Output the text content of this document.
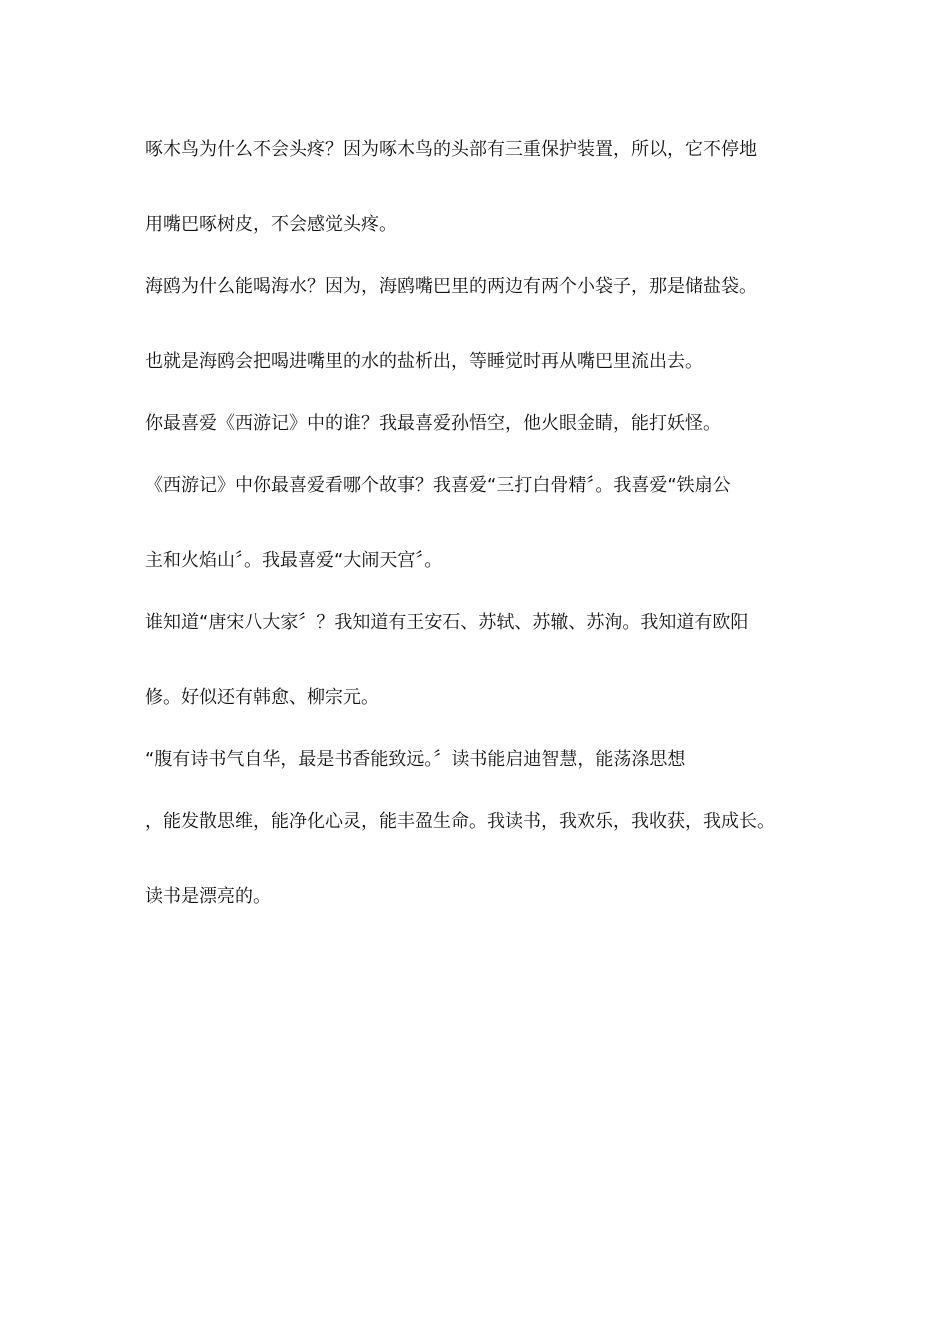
啄木鸟为什么不会头疼？因为啄木鸟的头部有三重保护装置，所以，它不停地
用嘴巴啄树皮，不会感觉头疼。
海鸥为什么能喝海水？因为，海鸥嘴巴里的两边有两个小袋子，那是储盐袋。
也就是海鸥会把喝进嘴里的水的盐析出，等睡觉时再从嘴巴里流出去。
你最喜爱《西游记》中的谁？我最喜爱孙悟空，他火眼金睛，能打妖怪。
《西游记》中你最喜爱看哪个故事？我喜爱“三打白骨精〞。我喜爱“铁扇公
主和火焰山〞。我最喜爱“大闹天宫〞。
谁知道“唐宋八大家〞？我知道有王安石、苏轼、苏辙、苏洵。我知道有欧阳
修。好似还有韩愈、柳宗元。
“腹有诗书气自华，最是书香能致远。〞读书能启迪智慧，能荡涤思想
，能发散思维，能净化心灵，能丰盈生命。我读书，我欢乐，我收获，我成长。
读书是漂亮的。
